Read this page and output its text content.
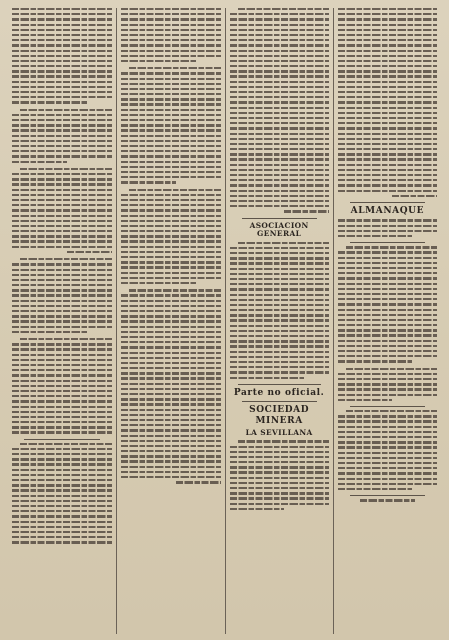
ASOCIACION GENERAL
Parte no oficial.
SOCIEDAD MINERA
LA SEVILLANA
ALMANAQUE
